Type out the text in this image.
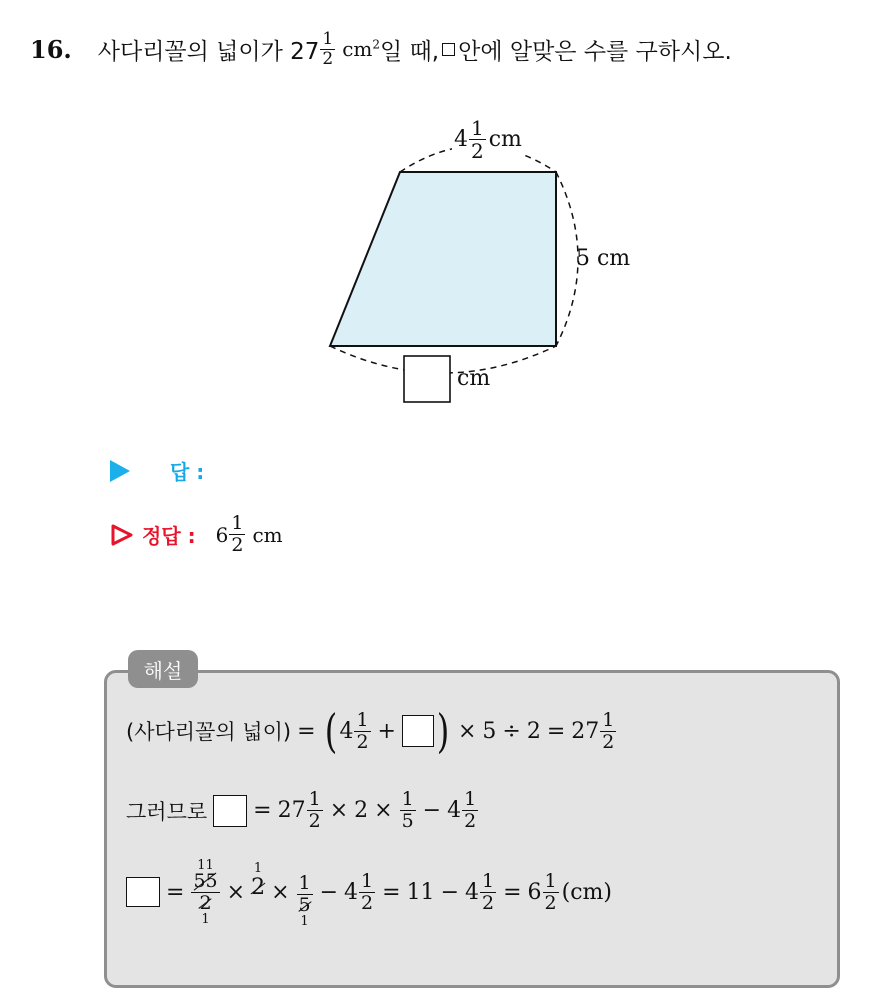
16. 사다리꼴의 넓이가 $27 \frac{1}{2} cm^2$ 일 때, 안에 알맞은 수를 구하시오.
$4 \frac{1}{2}$ cm
5 cm
cm
답 :
정답 : $6 \frac{1}{2}$ cm
해설
(사다리꼴의 넓이) = ( $4 \frac{1}{2}$ + ) × $5 \div 2 = 27 \frac{1}{2}$
그러므로 = $27 \frac{1}{2} \times 2 \times \frac{1}{5} - 4 \frac{1}{2}$
=
11
$\frac{55}{2}$
1
×
1
$2 \times \frac{1}{5}$
1
− $4 \frac{1}{2} = 11 - 4 \frac{1}{2} = 6 \frac{1}{2} (cm)$
